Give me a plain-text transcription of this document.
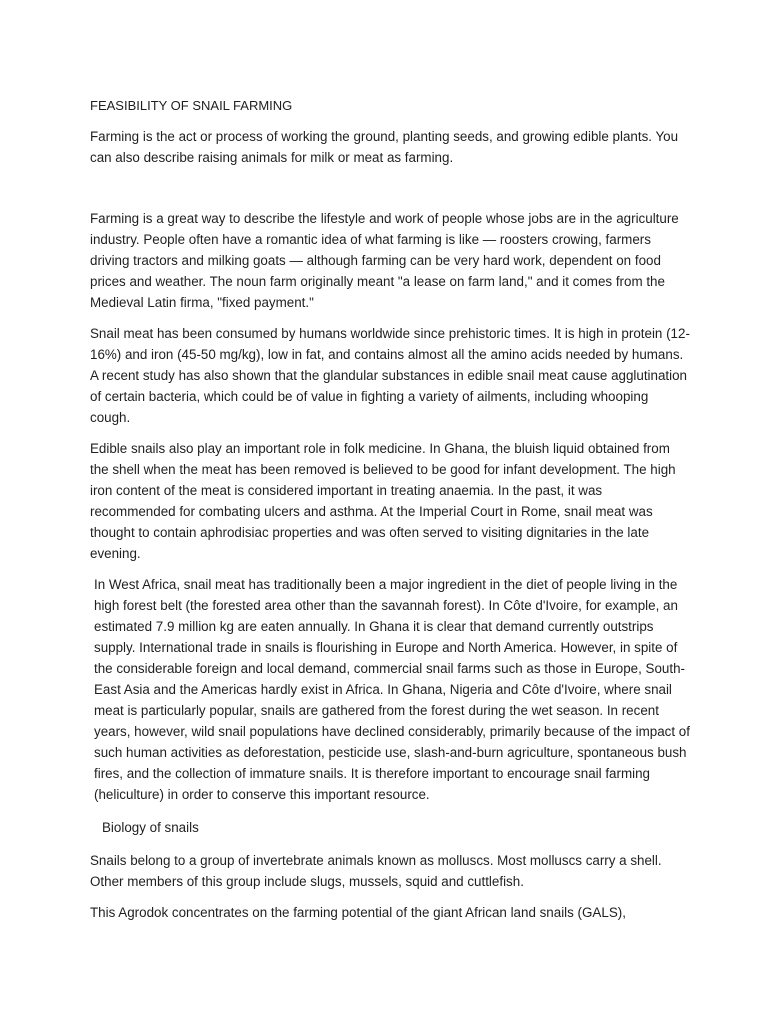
FEASIBILITY OF SNAIL FARMING

Farming is the act or process of working the ground, planting seeds, and growing edible plants. You can also describe raising animals for milk or meat as farming.

Farming is a great way to describe the lifestyle and work of people whose jobs are in the agriculture industry. People often have a romantic idea of what farming is like — roosters crowing, farmers driving tractors and milking goats — although farming can be very hard work, dependent on food prices and weather. The noun farm originally meant "a lease on farm land," and it comes from the Medieval Latin firma, "fixed payment."

Snail meat has been consumed by humans worldwide since prehistoric times. It is high in protein (12-16%) and iron (45-50 mg/kg), low in fat, and contains almost all the amino acids needed by humans. A recent study has also shown that the glandular substances in edible snail meat cause agglutination of certain bacteria, which could be of value in fighting a variety of ailments, including whooping cough.

Edible snails also play an important role in folk medicine. In Ghana, the bluish liquid obtained from the shell when the meat has been removed is believed to be good for infant development. The high iron content of the meat is considered important in treating anaemia. In the past, it was recommended for combating ulcers and asthma. At the Imperial Court in Rome, snail meat was thought to contain aphrodisiac properties and was often served to visiting dignitaries in the late evening.

In West Africa, snail meat has traditionally been a major ingredient in the diet of people living in the high forest belt (the forested area other than the savannah forest). In Côte d'Ivoire, for example, an estimated 7.9 million kg are eaten annually. In Ghana it is clear that demand currently outstrips supply. International trade in snails is flourishing in Europe and North America. However, in spite of the considerable foreign and local demand, commercial snail farms such as those in Europe, South-East Asia and the Americas hardly exist in Africa. In Ghana, Nigeria and Côte d'Ivoire, where snail meat is particularly popular, snails are gathered from the forest during the wet season. In recent years, however, wild snail populations have declined considerably, primarily because of the impact of such human activities as deforestation, pesticide use, slash-and-burn agriculture, spontaneous bush fires, and the collection of immature snails. It is therefore important to encourage snail farming (heliculture) in order to conserve this important resource.

Biology of snails

Snails belong to a group of invertebrate animals known as molluscs. Most molluscs carry a shell. Other members of this group include slugs, mussels, squid and cuttlefish.

This Agrodok concentrates on the farming potential of the giant African land snails (GALS),
